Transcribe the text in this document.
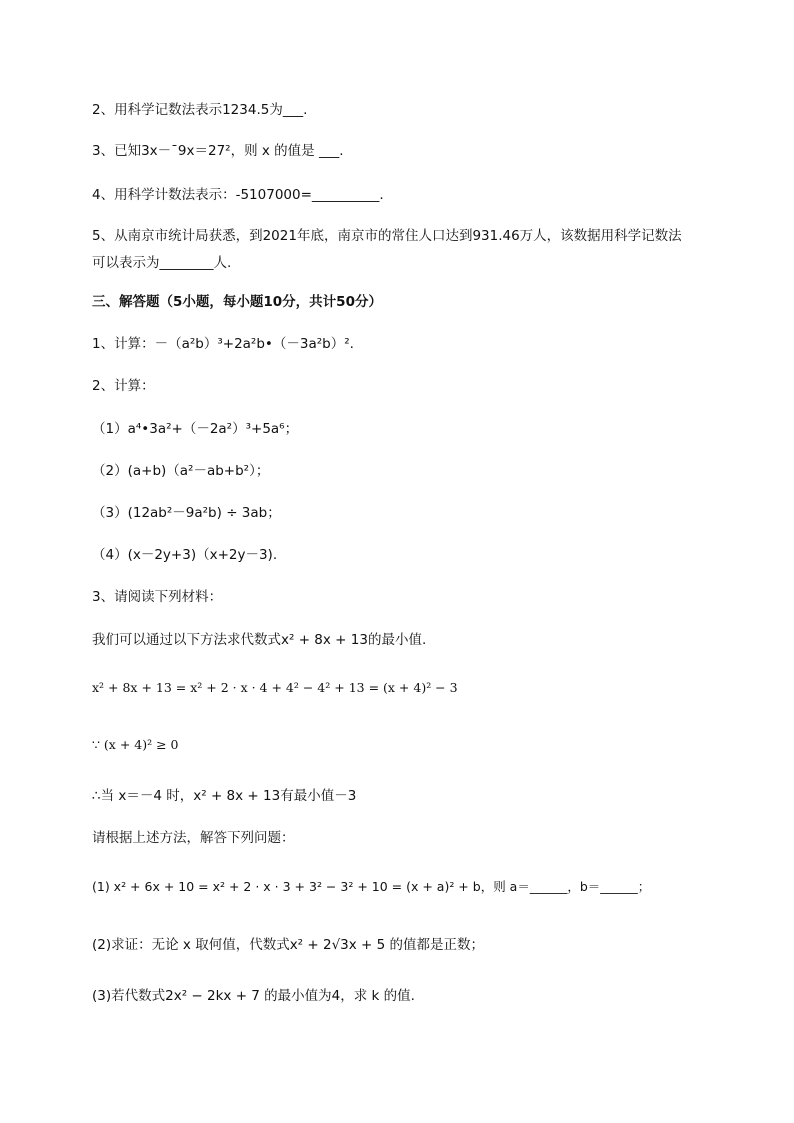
2、用科学记数法表示1234.5为___.
3、已知3x－ˉ9x＝27²，则 x 的值是 ___.
4、用科学计数法表示：-5107000=__________.
5、从南京市统计局获悉，到2021年底，南京市的常住人口达到931.46万人，该数据用科学记数法
可以表示为________人.
三、解答题（5小题，每小题10分，共计50分）
1、计算：－（a²b）³+2a²b•（－3a²b）².
2、计算：
（1）a⁴•3a²+（－2a²）³+5a⁶；
（2）(a+b)（a²－ab+b²）；
（3）(12ab²－9a²b) ÷ 3ab；
（4）(x－2y+3)（x+2y－3).
3、请阅读下列材料：
我们可以通过以下方法求代数式x² + 8x + 13的最小值.
x² + 8x + 13 = x² + 2 · x · 4 + 4² − 4² + 13 = (x + 4)² − 3
∵ (x + 4)² ≥ 0
∴当 x＝－4 时，x² + 8x + 13有最小值－3
请根据上述方法，解答下列问题：
(1) x² + 6x + 10 = x² + 2 · x · 3 + 3² − 3² + 10 = (x + a)² + b，则 a＝______，b＝______；
(2)求证：无论 x 取何值，代数式x² + 2√3x + 5 的值都是正数；
(3)若代数式2x² − 2kx + 7 的最小值为4，求 k 的值.
